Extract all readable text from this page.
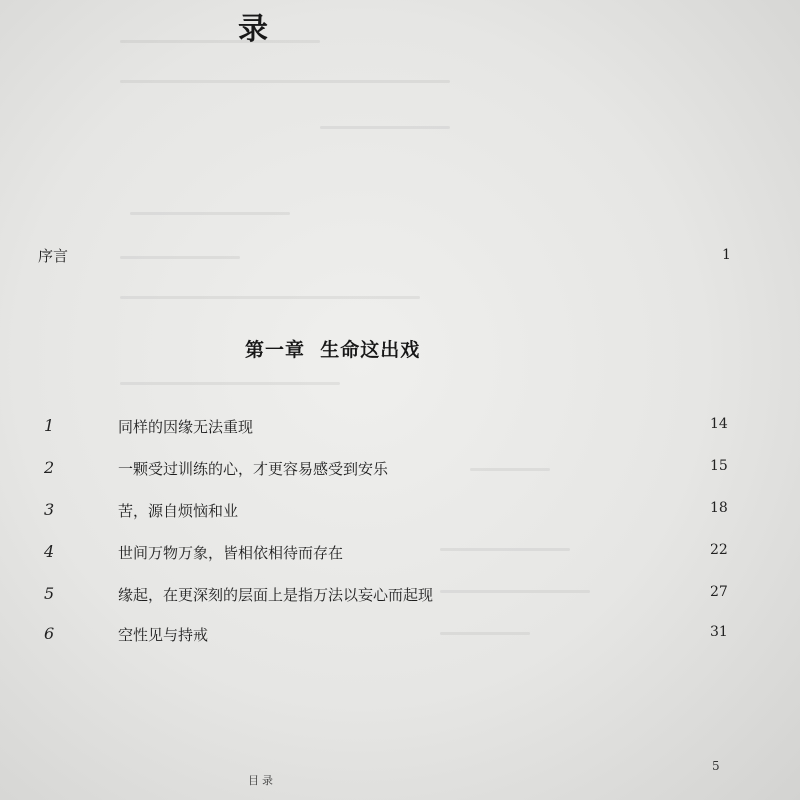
录
序言	1
第一章  生命这出戏
1	同样的因缘无法重现	14
2	一颗受过训练的心，才更容易感受到安乐	15
3	苦，源自烦恼和业	18
4	世间万物万象，皆相依相待而存在	22
5	缘起，在更深刻的层面上是指万法以妄心而起现	27
6	空性见与持戒	31
目录
5
